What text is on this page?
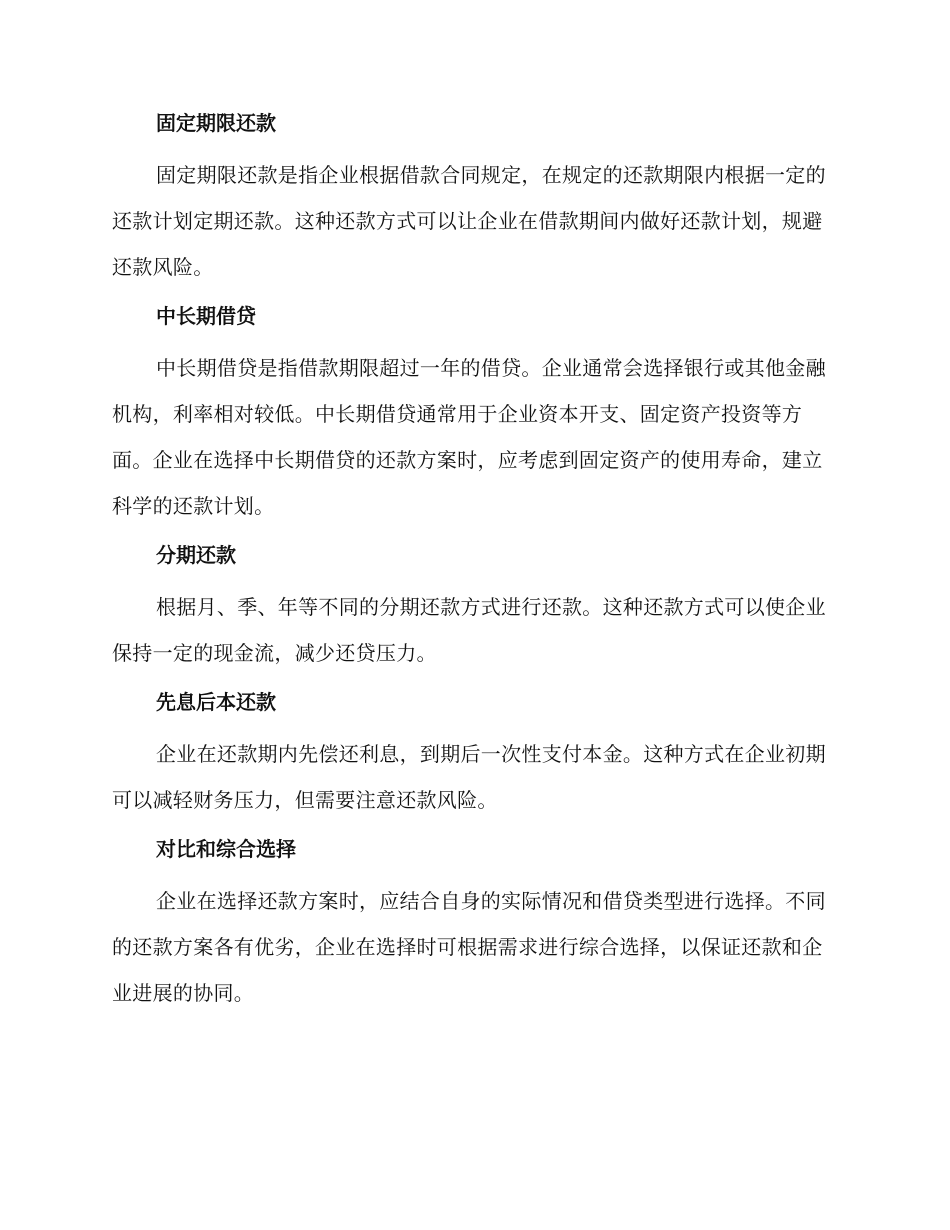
固定期限还款

固定期限还款是指企业根据借款合同规定，在规定的还款期限内根据一定的还款计划定期还款。这种还款方式可以让企业在借款期间内做好还款计划，规避还款风险。

中长期借贷

中长期借贷是指借款期限超过一年的借贷。企业通常会选择银行或其他金融机构，利率相对较低。中长期借贷通常用于企业资本开支、固定资产投资等方面。企业在选择中长期借贷的还款方案时，应考虑到固定资产的使用寿命，建立科学的还款计划。

分期还款

根据月、季、年等不同的分期还款方式进行还款。这种还款方式可以使企业保持一定的现金流，减少还贷压力。

先息后本还款

企业在还款期内先偿还利息，到期后一次性支付本金。这种方式在企业初期可以减轻财务压力，但需要注意还款风险。

对比和综合选择

企业在选择还款方案时，应结合自身的实际情况和借贷类型进行选择。不同的还款方案各有优劣，企业在选择时可根据需求进行综合选择，以保证还款和企业进展的协同。
